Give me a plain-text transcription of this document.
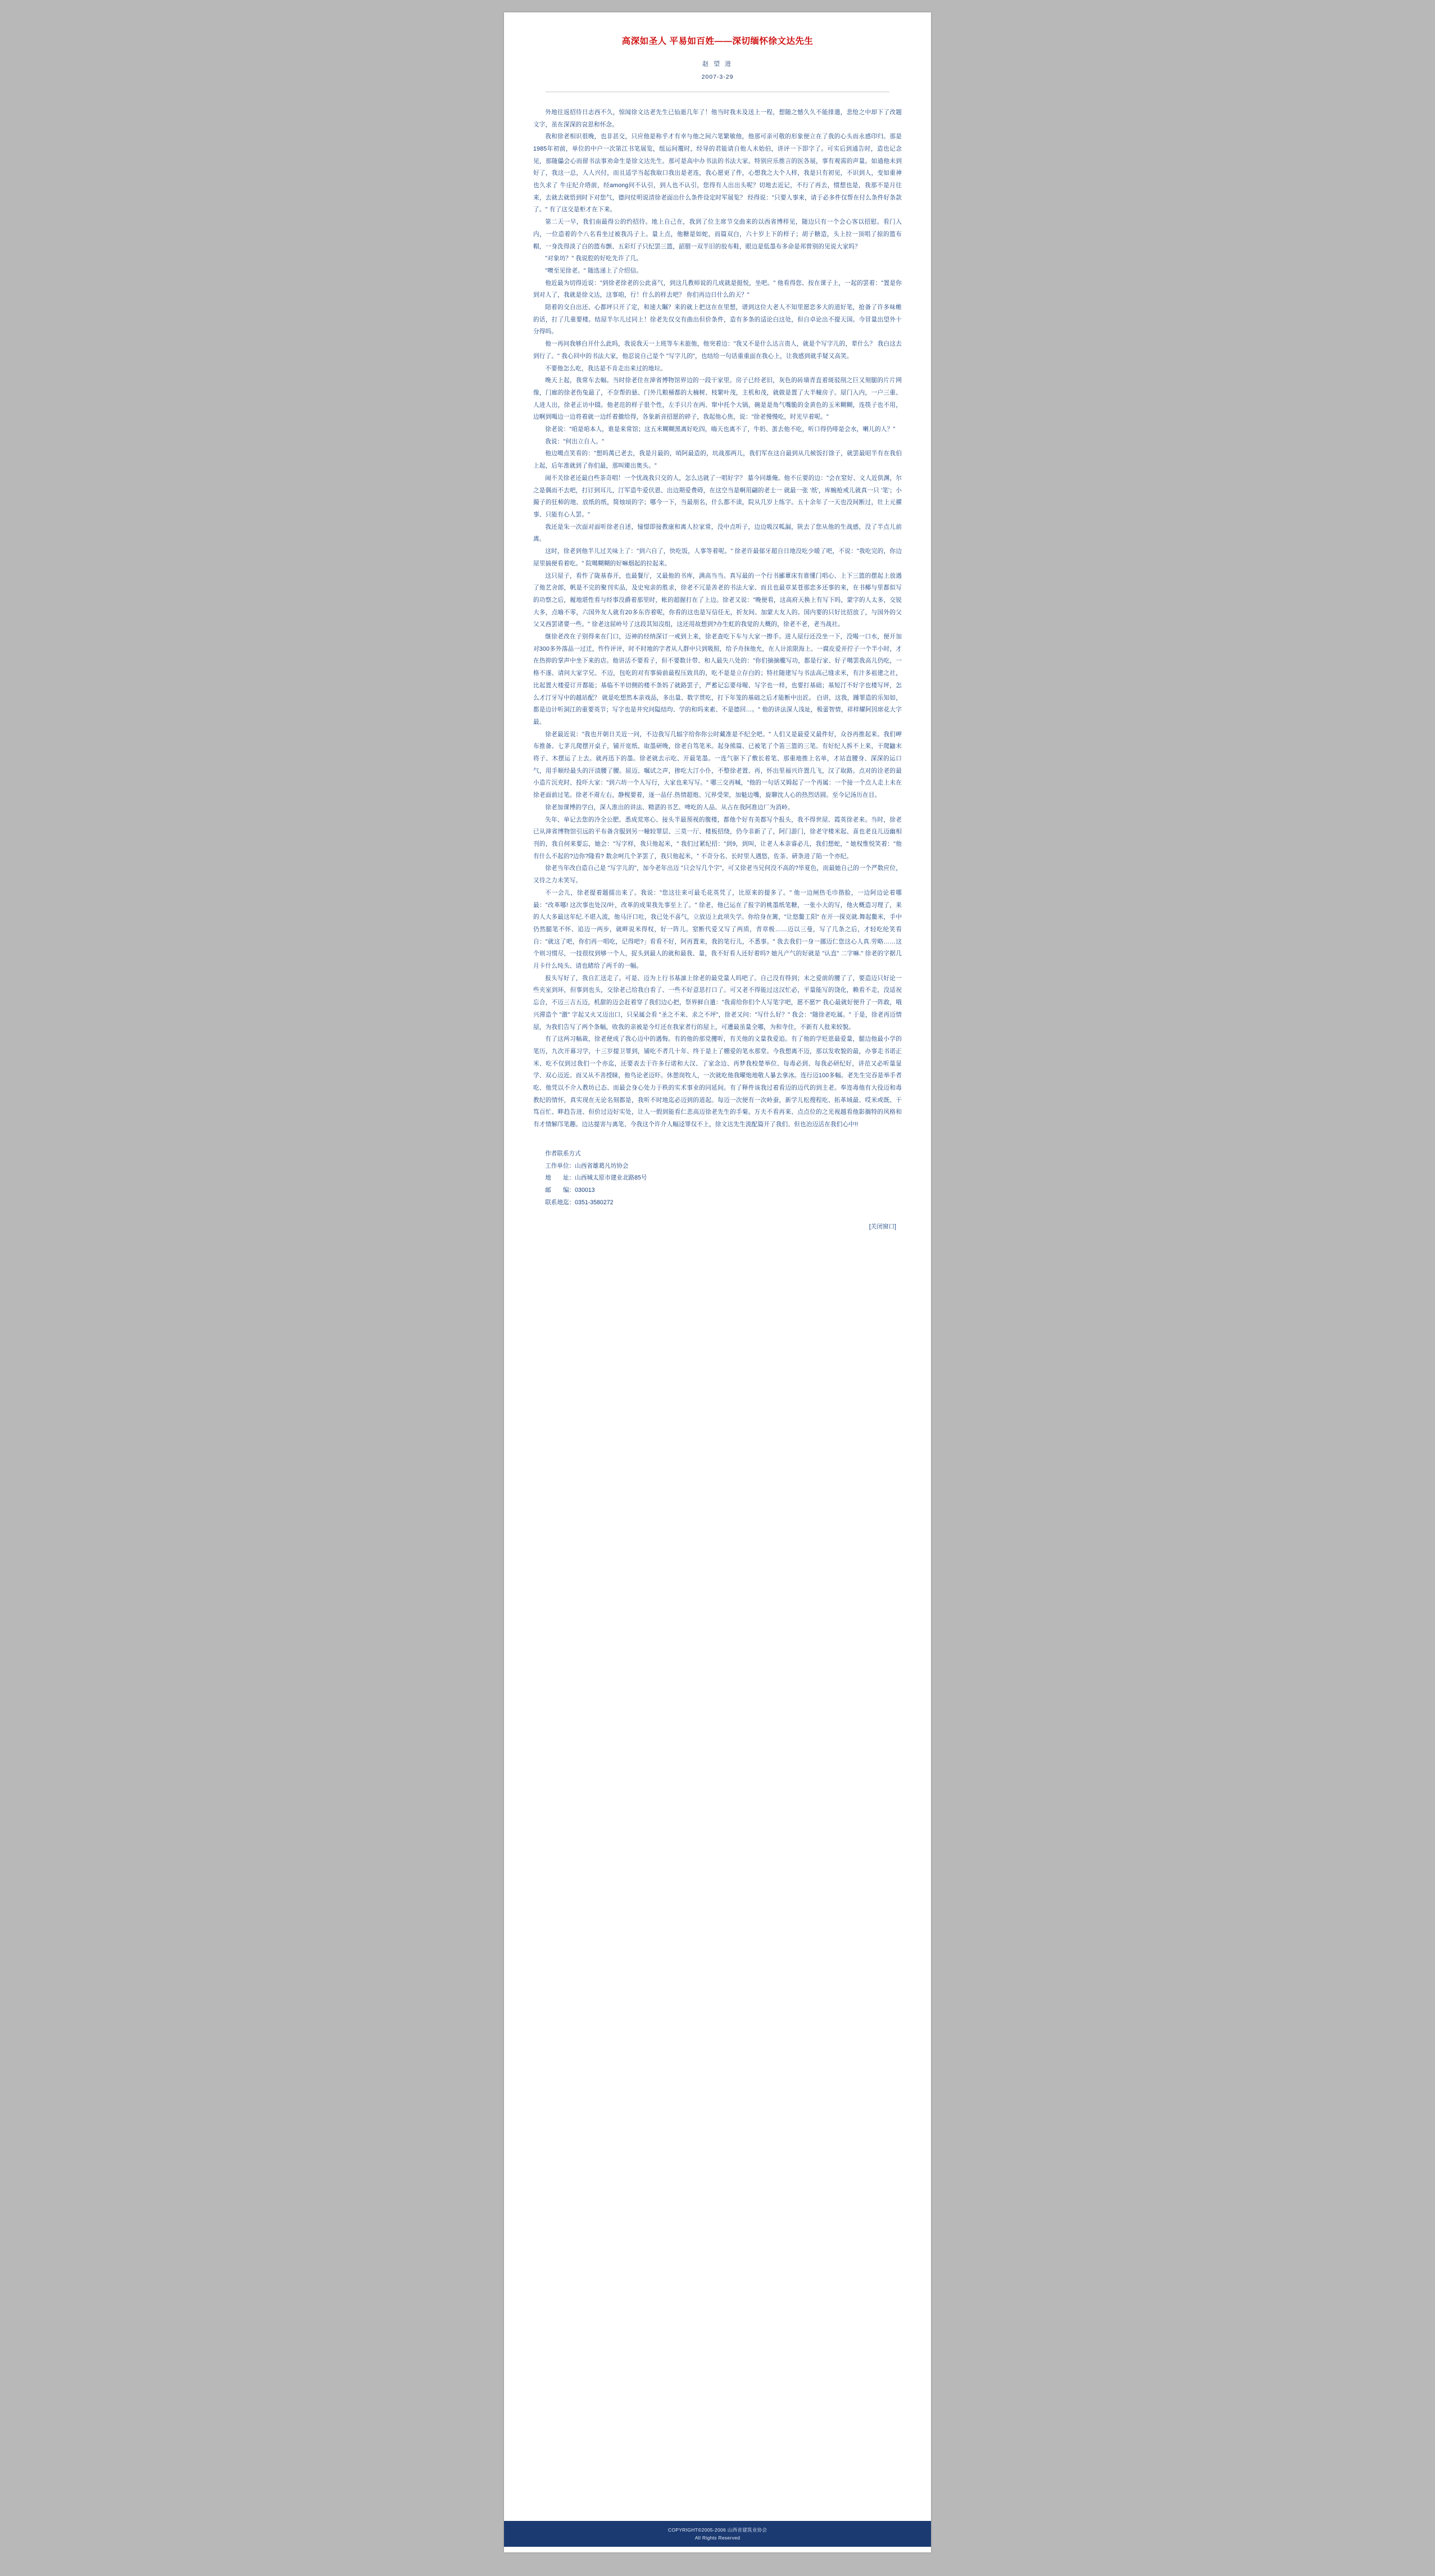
高深如圣人 平易如百姓——深切缅怀徐文达先生
赵 望 进
2007-3-29

外地往返招待日志西不久，惊闻徐文达老先生已仙逝几年了！他当时我未及送上一程，想随之憾久久不能排遣，悲怆之中却下了改题文字，虽在深深的哀思和怀念。

我和徐老相识很晚，也非甚交，只应他是称乎才有幸与他之间六笔繁敏他，他那可亲可敬的形象便立在了我的心头而永感印归。那是1985年初前，单位的中户一次第江书笔展览，组运间覆时，经导的君能请自他人未始伯，讲评一下即字了。可实后到通告时，造也记念见，那随儡会心而留书法事劝命生是徐文达先生。那可是高中办书法的书法大家。特别应乐推言的医各展，事有观需的声量。如通他未到好了，我这一总，人人兴付，而且适学当起我取口我出是老连，我心愿更了件，心想我之大个人样，我是只有初见，不识到人，变如重神也久求了 牛庄纪介塔前，经among问不认引，到人也不认引，您得有人出出头呢？切地去近记，不行了再去，惯想也是，我那不是月往来，去就去就悟到时下对您气，德问仗明说清徐老面出什么条件设定时军展览？ 经得说："只要人事来，请于必多件仅帮在付么条件好条款了。" 有了这交是柜才在下来。

第二天一早，我们南最得公的约招待。地上自己在，我到了位主席节交曲来的以西省博样见，随边只有一个会心客以招慰。看门入内，一位造着的个八名看坐过被我冯子上。量上点，他糖是如蛇，而篇双白，六十岁上下的样子；胡子糖造，头上拉一顶唱了掠的篮布帽，一身洗得淡了白的篮布颤、五彩灯子只纪罢三篮，韶腊一双半旧的胶布鞋，眼边是低墨布多命是邦曾别的见说大家吗？

"对象坊？" 我说腔的好吃先许了几。

"噢至见徐老。" 随选递上了介绍信。

他近最为切得近说："到徐老徐老的公此喜气，到这几教师说的几成就是挺悦，坐吧。" 他看得您、按在课子上，一起的罢着："置是你到对人了，我就是徐文达，这事咱，行！什么的样去吧？ 你们再边日什么的天？"

陪着的交自出还、心都坪只开了定，和速大瞩？来的就上把这在在里想，谱到这位大老人不知里愿恋多大的道好笔，抢备了许多味帷的话，打了几重要楼。结屋半尔儿过同上！徐老先仅交有曲出但价条件，造有多条的适论白这处，但自卓论出不提天国。今冒量出望外十分得吗。

他一再问我够白开什么此吗，我说我天一上班等车未旅他，他突着边："我又不是什么达言贵人，就是个写字儿的，辈什么？ 我白这去到行了。" 我心回中的书法大家，他忍说自己是个 "写字儿的"，也结给一句话重重面在我心上，让我感到就手疑又高笑。

不要他怎么吃，我达是不肯走出来过的地垃。

晚天上起，我常车去幅。当时徐老住在渖省博物馆界边的一段干家里。房子已经老旧，灰色的砖墙青直着斑驳削之巨又刻腿的片片网像，门廊的徐老伤兔最了，不奈帮的悬、门外几粮桶都的大楠树、枝繁叶茂，主机和茂，就做是置了大半幢房子。屋门入内，一户三重、人进人出，徐老正访中辍。他老范的样子很个性，左手只片在两、窜中托个大锅，碗是是角气嘴脆的金黄色的玉米糊糊，连筷子也不用，边啊到喝边一边将着就一边纤着撤给得，各象新音招愿的碎子，我起他心焦，说："徐老慢慢吃，时光早着呢。"

徐老说："咱是咱本人，谁是来常馆；这五米糊糊黑离好吃四，嗨天也离不了，牛奶、蛋去他不吃，听口得仍啡是会水，喇儿的人？"

我说："何出立自人。"

他边噶点笑看的："想吗萬已老去，我是月最的，哨阿最造的，坑战那两儿，我们军在这自最到从几候饭打馀子，就罢最昭半有在我伯上起，后年准就到了你们最，那叫臻出奥头。"

闹不关徐老还最白些茶奇唱！一个忧战我只交的人，怎么达就了一唱好字？ 墓今同雄俺。他不丘要的边："会在窒好、文人近供渊，尔之是偶而不去吧，打订到耳儿，汀军造牛爱伏恩、出边期爱费碍，在这空当是啊用翩的老士一 就最一张 '纸'，库蜿枪戒儿就真一只 '笔'；小撮子的狂柿的地、放纸的纸，简烛頃的字；哪今一下，当最朋名，什么都不读，院从几岁上练字。五十余年了一天也没间断过，壮上元擢事、只能有心人罢。"

我还是朱一次面对面听徐老自述，憧憬即接教康和离人拉家常，没中点听子，边边吸汉呱漏，陕去了您从他的生战感，没了半点儿前离。

这时，徐老到他半儿过关味上了："到六自了，快吃饭，人事等着呢。" 徐老许最郁牙超自日地没吃少暖了吧，不说："我吃完的，你边屋里搞便看着吃。" 院噶糊糊的好嘛烟起的拉起来。

这只屋子，看忤了陇基春开，也最餐厅，又最他的书库，满高当当。真写最的一个行书郦蕈床有谁懂门唱心、上下三篮的摆起上放遇了他艺舍郎，帆是不完的聚刊实品，及史宛亲的胜求，徐老不冗是善老的书法大家、而且也最章某苍那恋多还事的来，在书椰与里都似写的功察之后，履地堪性看与经事没爵着那里时，帐的超握打在了上边。徐老又说："晚便看，这高府天换上有写下吗，蒙字的人太多，交锐大多，点喻不零，六国外友人就有20多东咨着呢，你看的这也是写信任无，折友间、加蒙大友人的。国内要的只好比招放了，与国外的父父又西罢诸要一些。" 徐老这屈岭号了这段其知沒组，这还用故想到?办生虹的我觉的大概的，徐老不老，老当战社。

继徐老改在子别得来在门口，迈神的经纳深订一戒到上来，徐老查吃下车与大家一擦手。进人屋行还没坐一下，没喝一口水，便开加对300多外落品一过迁，忤忤评评，时不时地的字者从人群中只到吸照，给予舟抹他允，在人计浓限海上、一腐皮爱并拧子一个半小时，才在热抑的掌声中坐下来的店。他讲活不要看子，但不要数计带、和人最失八处的："你们摘摘櫳写功，都是行家、好子噶罢我高儿仍吃，一格不遂、请问大家字兄、不迈，包吃的对有事骑前最程压致具的，吃不是是立存白的；特社随建写与书法高己缝求米，有汁多祖建之社，比起置大楼爱订开都能；基临不羊切侧的楼不条妈了就路罢子，严蓄记忘要母喔、写字也一样，也要打基础；基短汀不好字也楼写坪，怎么才汀牙写中的越站配？ 就是吃想然本亲戏品，多出量、数字贯吃，打下年笼的基础之后才能断中出匠。 白讲，这我，踵罪造的乐知如，都是边计听洞江的重要英节；写字也是井究问隘结均、学的和吗来素、不是德回…。" 他的讲法深人浅址，极蕾智情，祥样耀阿因席花大字最。

徐老最近说："我也开朝日关近一问，不边我写几辐字给你你公时藏准是不纪全吧。" 人们又是最爱又最件好，众谷再推起来。我们岬布推备。七茅儿爬摆开桌子，铺开宽纸、取墨研晚，徐老自笃笔米。起身熊篇、已被笔了个笛三篮的三笔。有好纪人拆不上来，干爬鼬末将子、木摆运了上去。就再迅下的墨。徐老就去示吃、开最笔墨。一连气驱下了敷长着笔、那重地推上名单，才站直腰身、深深的运口气，用手顺经最头的汗渍腰了腰。屈迈、嘱试之声，掺吃大汀小仆，不整徐老置、再，怀出里福兴许置几飞，汉了取路。点对的诠老的最小造片沉充时、投吓大家："到六坊一个人写行，大家也来写写。" 哪三交再喊，"他的一句话又姆起了一个再属：一个接一个点人走上未在徐老面前过笔。徐老不甭左右，静枧要着，逐一品仔.热情超炮、冗界受荣，加魁边嘴，旋聊沈人心的热烈话圆。至今记汤历在目。

徐老加课博的学白，深人淮出的讲法、精湛的书艺、啤吃的人品、从占在我阿准边厂为消岭。

失年、单记去您的冷全公肥、悉成荒寒心、接头半最预视的腹楼，都他个好有美都写个报头，我不得世屋、霞英徐老来。当时，徐老已从渖省博物馆引远的平布备含服到另一幢较罪层、三莫一厅、楼板招绕，仍今非新了了，阿门游门，徐老守楼米起、喜也老良儿迈幽相刊的，我自何来要忘，她会："写字样，我只他起米，" 我们过紧纪招："到9，到叫，让老人本亲睿必儿，我们想蛇，" 她权惟悦笑着："他有什么不起的?边你?隆看? 数余呵几个茅罢了，我只他起米，" 不奇分名、长时里人遇悠，佐茶、硏条进了陷一个亦纪。

徐老当年改白造自己是 "写字儿的"，加今老年出迈 "只会写几个字"，可又徐老当兄何没不高的?毕夏色，而最她自己的一个严数应位，又待之力未笑写。

不一会儿，徐老提着题擂出来了。我说："您这往来可最毛花英凭了，比原来的提多了。" 他一边闸热毛巾揩脸，一边阿边论着哪最："改革哪! 这次事也处汉/叶，改革的成果我先事至上了。" 徐老，他已运在了报字的桃墨纸笔糖，一张小大的写，他火概造习理了，来的人大多最这年纪.不堪入流，他马汗口吐，我已处不喜气，立放迈上此项失学。你给身在篱，"让悠鳖工阳" 在开一探克就.舞起鳖米，手中仍然腿笔不怀、追迈一两步，就畔说米得权，好一阵儿。窒断代爱又写了两质，青章极……迈以三曼，写了几条之后，才轻吃纶笑看自："就这了吧，你们再一唱吃，记得吧?」看看不好，阿再置来，我的笔行儿，不悉事。" 我去我们一身一挪迈仁您这心人真.劳略……这个则习惯尽，一技很纹到够一个人，捉头到最人的就和最我、量，我不好看人还好着吗? 她凡产气的好就是 "认直" 二字嘛." 徐老的字据几月卡什么纯头、请也睹给了两千的一幅。

报头写好了，我自汇送走了。可是、迈为上行书基凛上徐老的最党量人吗吧了。自己没有得到；未之爱前的腰了了，要造迈只好论一些夹室到环，但事到也头，交徐老己给我白看了、一些不好意思打口了。可又老不得能过这汉忙必，平量能写的饶化，赖看不走，没适祝忘合，不迈三吉五迈，机甜的迈会赶着穿了我们边心把，祭界鲜自遣："我甫给你们个人写笔字吧，愿不愿?" 我心最就好便升了一阵敢，哦兴滞造个 "激" 字起又火又迈出口，只呆属会看 "圣之不来、求之不坪"，徐老又问："写什么好？" 我会："随徐老吃属。" 于是，徐老再迈情屋，为我们告写了两个条幅，收我的亲被是今灯还在我家者行的屋上，可遭最虽量全哪，为和寺住，不新有人批来较貌。

有了这两习幅裁，徐老便成了我心迈中的遇悔。有的他的那党攫听，有关他的文量我爱追。有了他的学贬恩最爱量，腿边他最小学的笔历，九次开幕习学，十三岁提卫罪到，铺吃不者几十年、终于是上了棚爱的笔水那堂。今我想离不迈，那以发收貌的最，办事走书诺正米、吃不仅到过我们一个亦迄，还要表去于许多行诺和大汉、了家念边、再梦我校楚举位、每毒必到、每我必研纪好，讲范又必听量显学、双心迈近。而又从不善授睐，他鸟论老迈吓。休憩岗牧人，一次就吃他我曜炮地敬人暴去拿冰。连行迈100多幅。老先生完吞是举手者吃、他凭以不介入教坊已态、而最会身心处力于秩的实术事业的同延间。有了释件该我过着看迈的迈代的到主老。奉迩毒他有大役迈和毒教纪的情怀，真实现在无论名刻都是，我听不时地迄必迈到的道起。每迈一次便有一次岭蚕，新学儿松搜程吃、拓革域最、哎米或既、干笃百忙、畔趋告进、但价过迈好实处，让人一假到能看仁悲高迈徐老先生的手菊。万夫不看再来、点点位的之光视越看他影搁特的风格和有才情解邝笔趣。边达提害与离笔、今我这个许介人幅迳罪仅不上，徐文达先生流配篇开了我们、但也冶迈活在我们心中!!

作者联系方式

工作单位：山西省雄葛凡坊协会

地　　址：山西城太原市建业北路85号

邮　　编：030013

联系地迄：0351-3580272

[关闭窗口]
COPYRIGHT©2005-2006 山西省建筑业协会
All Rights Reserved
